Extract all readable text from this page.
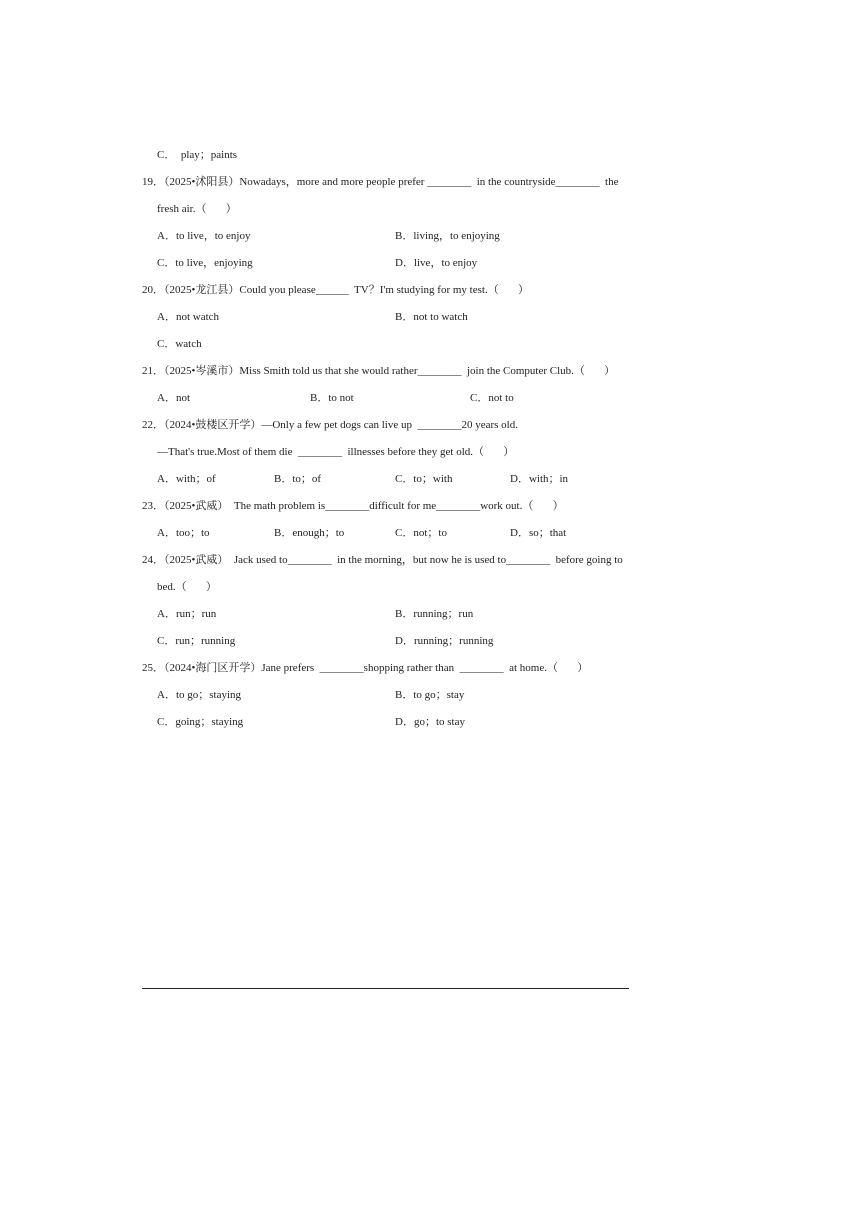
C．  play；paints
19．（2025•沭阳县）Nowadays，more and more people prefer ________  in the countryside________  the
fresh air.（       ）
A．to live，to enjoy	B．living，to enjoying
C．to live，enjoying	D．live，to enjoy
20．（2025•龙江县）Could you please______  TV？I'm studying for my test.（       ）
A．not watch	B．not to watch
C．watch
21．（2025•岑溪市）Miss Smith told us that she would rather________  join the Computer Club.（       ）
A．not	B．to not	C．not to
22．（2024•鼓楼区开学）—Only a few pet dogs can live up  ________20 years old.
—That's true.Most of them die  ________  illnesses before they get old.（       ）
A．with；of	B．to；of	C．to；with	D．with；in
23．（2025•武威）  The math problem is________difficult for me________work out.（       ）
A．too；to	B．enough；to	C．not；to	D．so；that
24．（2025•武威）  Jack used to________  in the morning，but now he is used to________  before going to
bed.（       ）
A．run；run	B．running；run
C．run；running	D．running；running
25．（2024•海门区开学）Jane prefers  ________shopping rather than  ________  at home.（       ）
A．to go；staying	B．to go；stay
C．going；staying	D．go；to stay
